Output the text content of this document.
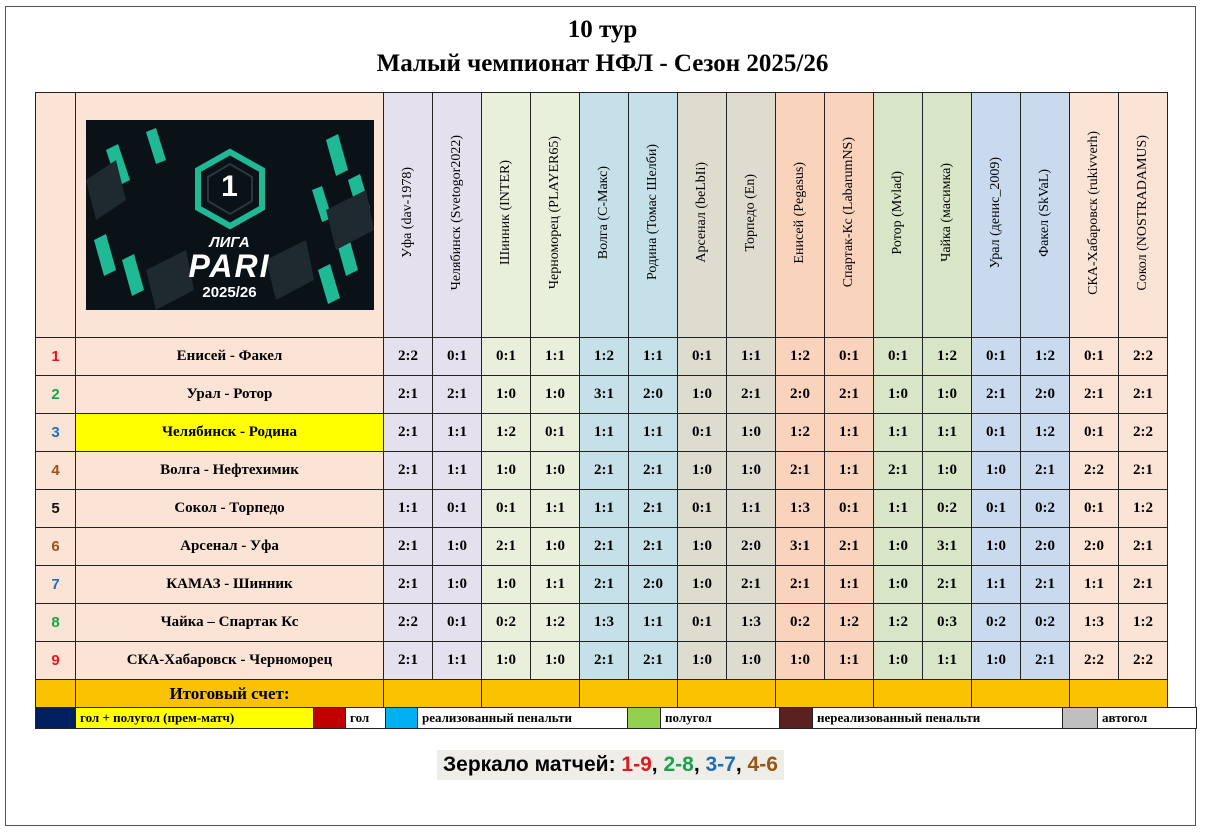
10 тур
Малый чемпионат НФЛ - Сезон 2025/26

	1
ЛИГА
PARI
2025/26	Уфа (dav-1978)	Челябинск (Svetogor2022)	Шинник (INTER)	Черноморец (PLAYER65)	Волга (С-Макс)	Родина (Томас Шелби)	Арсенал (beLbIi)	Торпедо (En)	Енисей (Pegasus)	Спартак-Кс (LabarumNS)	Ротор (Mvlad)	Чайка (масимка)	Урал (денис_2009)	Факел (SkVaL)	СКА-Хабаровск (rukivverh)	Сокол (NOSTRADAMUS)
1	Енисей - Факел	2:2	0:1	0:1	1:1	1:2	1:1	0:1	1:1	1:2	0:1	0:1	1:2	0:1	1:2	0:1	2:2
2	Урал - Ротор	2:1	2:1	1:0	1:0	3:1	2:0	1:0	2:1	2:0	2:1	1:0	1:0	2:1	2:0	2:1	2:1
3	Челябинск - Родина	2:1	1:1	1:2	0:1	1:1	1:1	0:1	1:0	1:2	1:1	1:1	1:1	0:1	1:2	0:1	2:2
4	Волга - Нефтехимик	2:1	1:1	1:0	1:0	2:1	2:1	1:0	1:0	2:1	1:1	2:1	1:0	1:0	2:1	2:2	2:1
5	Сокол - Торпедо	1:1	0:1	0:1	1:1	1:1	2:1	0:1	1:1	1:3	0:1	1:1	0:2	0:1	0:2	0:1	1:2
6	Арсенал - Уфа	2:1	1:0	2:1	1:0	2:1	2:1	1:0	2:0	3:1	2:1	1:0	3:1	1:0	2:0	2:0	2:1
7	КАМАЗ - Шинник	2:1	1:0	1:0	1:1	2:1	2:0	1:0	2:1	2:1	1:1	1:0	2:1	1:1	2:1	1:1	2:1
8	Чайка – Спартак Кс	2:2	0:1	0:2	1:2	1:3	1:1	0:1	1:3	0:2	1:2	1:2	0:3	0:2	0:2	1:3	1:2
9	СКА-Хабаровск - Черноморец	2:1	1:1	1:0	1:0	2:1	2:1	1:0	1:0	1:0	1:1	1:0	1:1	1:0	2:1	2:2	2:2
	Итоговый счет:																
	гол + полугол (прем-матч)		гол		реализованный пенальти		полугол		нереализованный пенальти		автогол
Зеркало матчей: 1-9, 2-8, 3-7, 4-6
